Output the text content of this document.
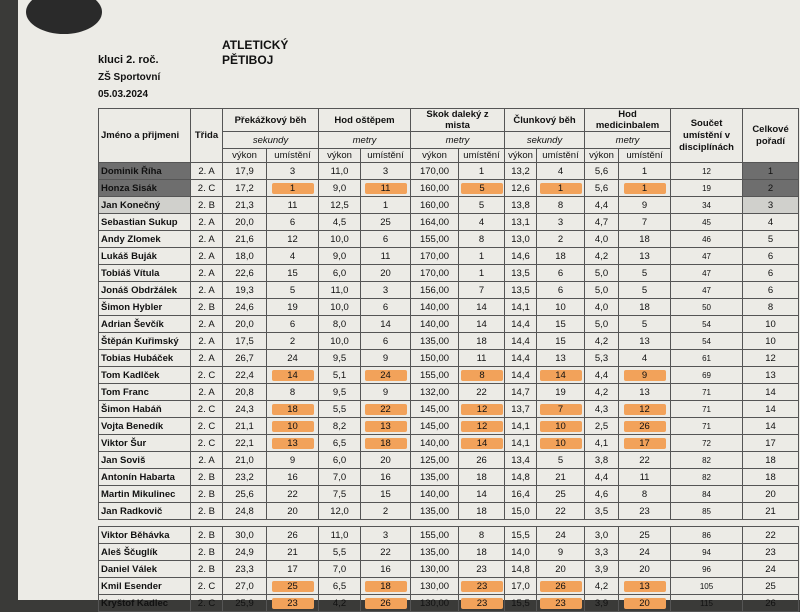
kluci 2. roč.
ZŠ Sportovní
05.03.2024
ATLETICKÝ
PĚTIBOJ
Jméno a přijmeni	Třida	Překážkový běh		Hod oštěpem		Skok daleký z mista		Člunkový běh		Hod medicinbalem		Součet umístění v disciplínách	Celkové pořadí
		sekundy		metry		metry		sekundy		metry			
		výkon	umístění	výkon	umístění	výkon	umístění	výkon	umístění	výkon	umístění		
Dominik Říha	2. A	17,9	3	11,0	3	170,00	1	13,2	4	5,6	1	12	1
Honza Sisák	2. C	17,2	1	9,0	11	160,00	5	12,6	1	5,6	1	19	2
Jan Konečný	2. B	21,3	11	12,5	1	160,00	5	13,8	8	4,4	9	34	3
Sebastian Sukup	2. A	20,0	6	4,5	25	164,00	4	13,1	3	4,7	7	45	4
Andy Zlomek	2. A	21,6	12	10,0	6	155,00	8	13,0	2	4,0	18	46	5
Lukáš Buják	2. A	18,0	4	9,0	11	170,00	1	14,6	18	4,2	13	47	6
Tobiáš Vítula	2. A	22,6	15	6,0	20	170,00	1	13,5	6	5,0	5	47	6
Jonáš Obdržálek	2. A	19,3	5	11,0	3	156,00	7	13,5	6	5,0	5	47	6
Šimon Hybler	2. B	24,6	19	10,0	6	140,00	14	14,1	10	4,0	18	50	8
Adrian Ševčík	2. A	20,0	6	8,0	14	140,00	14	14,4	15	5,0	5	54	10
Štěpán Kuřimský	2. A	17,5	2	10,0	6	135,00	18	14,4	15	4,2	13	54	10
Tobias Hubáček	2. A	26,7	24	9,5	9	150,00	11	14,4	13	5,3	4	61	12
Tom Kadlček	2. C	22,4	14	5,1	24	155,00	8	14,4	14	4,4	9	69	13
Tom Franc	2. A	20,8	8	9,5	9	132,00	22	14,7	19	4,2	13	71	14
Šimon Habáň	2. C	24,3	18	5,5	22	145,00	12	13,7	7	4,3	12	71	14
Vojta Benedík	2. C	21,1	10	8,2	13	145,00	12	14,1	10	2,5	26	71	14
Viktor Šur	2. C	22,1	13	6,5	18	140,00	14	14,1	10	4,1	17	72	17
Jan Soviš	2. A	21,0	9	6,0	20	125,00	26	13,4	5	3,8	22	82	18
Antonín Habarta	2. B	23,2	16	7,0	16	135,00	18	14,8	21	4,4	11	82	18
Martin Mikulinec	2. B	25,6	22	7,5	15	140,00	14	16,4	25	4,6	8	84	20
Jan Radkovič	2. B	24,8	20	12,0	2	135,00	18	15,0	22	3,5	23	85	21

Viktor Běhávka	2. B	30,0	26	11,0	3	155,00	8	15,5	24	3,0	25	86	22
Aleš Ščuglík	2. B	24,9	21	5,5	22	135,00	18	14,0	9	3,3	24	94	23
Daniel Válek	2. B	23,3	17	7,0	16	130,00	23	14,8	20	3,9	20	96	24
Kmil Esender	2. C	27,0	25	6,5	18	130,00	23	17,0	26	4,2	13	105	25
Kryštof Kadlec	2. C	25,9	23	4,2	26	130,00	23	15,5	23	3,9	20	115	26
